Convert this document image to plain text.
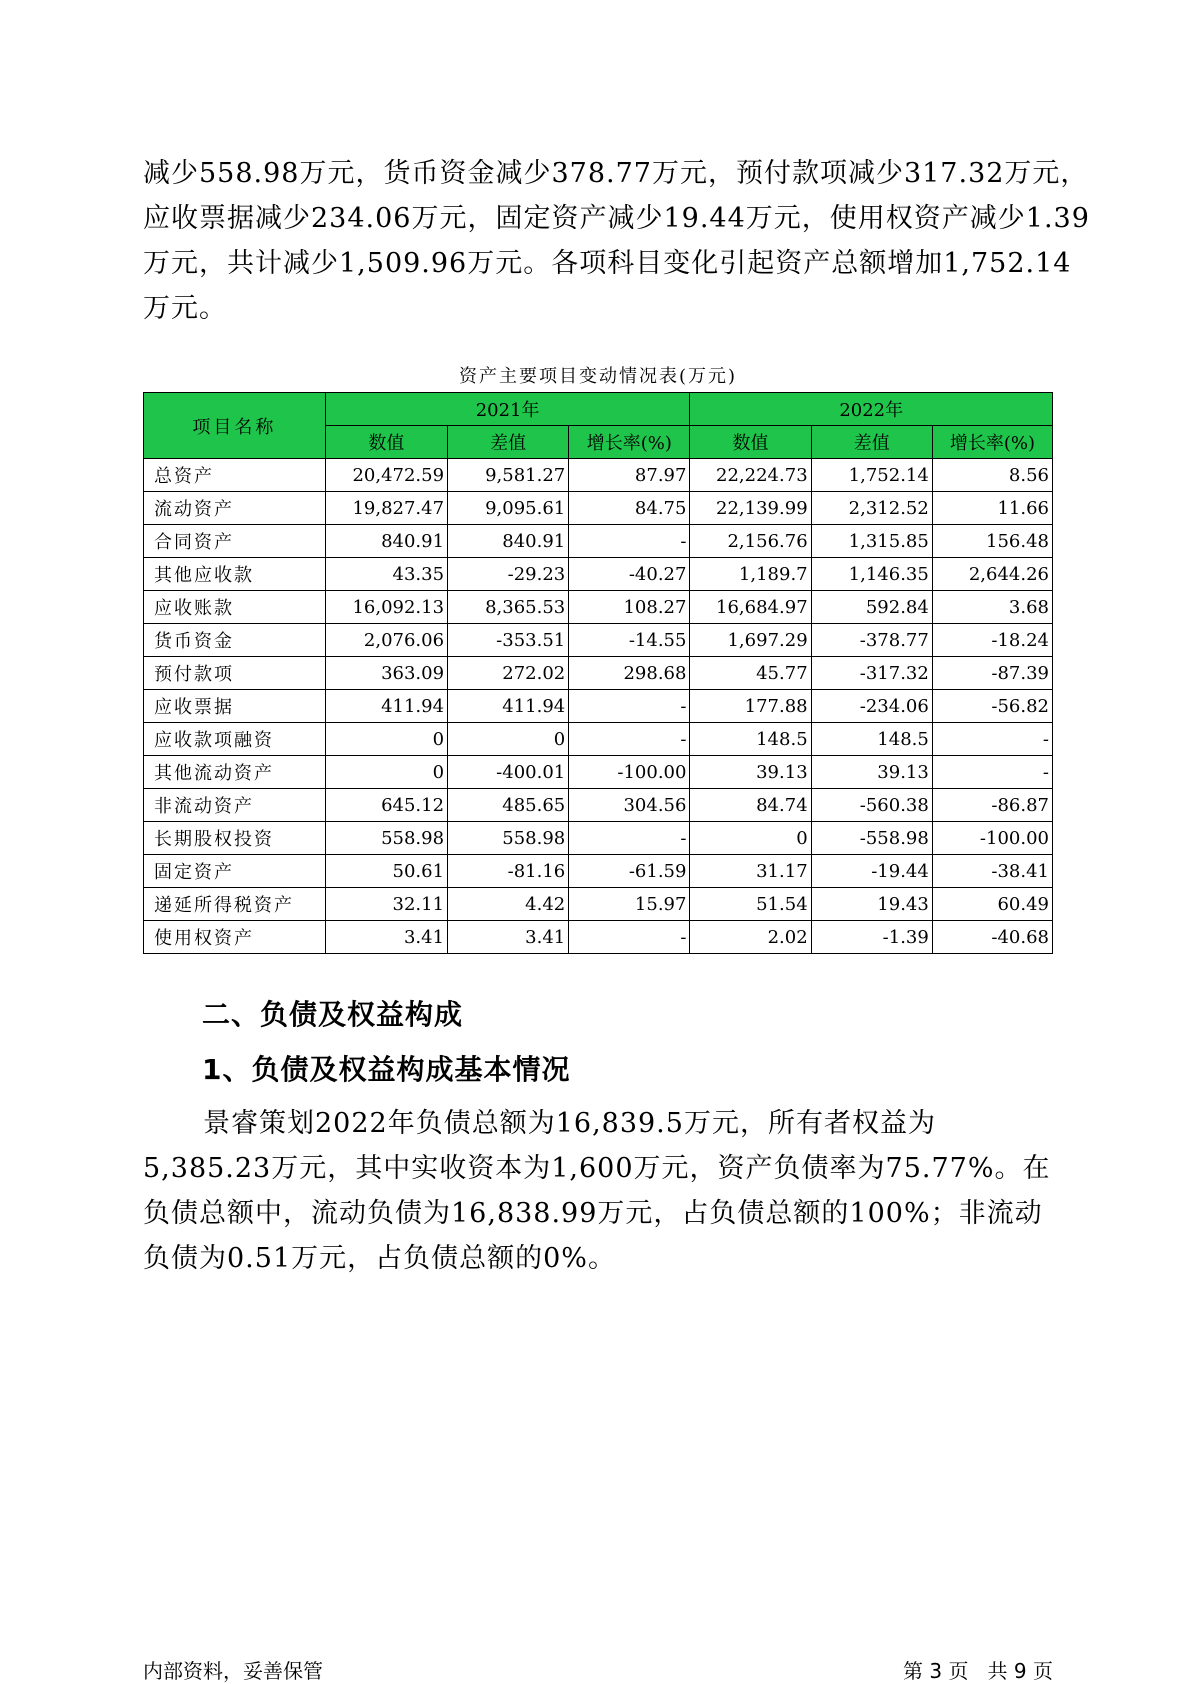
减少558.98万元，货币资金减少378.77万元，预付款项减少317.32万元，
应收票据减少234.06万元，固定资产减少19.44万元，使用权资产减少1.39
万元，共计减少1,509.96万元。各项科目变化引起资产总额增加1,752.14
万元。
资产主要项目变动情况表(万元)
项目名称	2021年			2022年		
	数值	差值	增长率(%)	数值	差值	增长率(%)
总资产	20,472.59	9,581.27	87.97	22,224.73	1,752.14	8.56
流动资产	19,827.47	9,095.61	84.75	22,139.99	2,312.52	11.66
合同资产	840.91	840.91	-	2,156.76	1,315.85	156.48
其他应收款	43.35	-29.23	-40.27	1,189.7	1,146.35	2,644.26
应收账款	16,092.13	8,365.53	108.27	16,684.97	592.84	3.68
货币资金	2,076.06	-353.51	-14.55	1,697.29	-378.77	-18.24
预付款项	363.09	272.02	298.68	45.77	-317.32	-87.39
应收票据	411.94	411.94	-	177.88	-234.06	-56.82
应收款项融资	0	0	-	148.5	148.5	-
其他流动资产	0	-400.01	-100.00	39.13	39.13	-
非流动资产	645.12	485.65	304.56	84.74	-560.38	-86.87
长期股权投资	558.98	558.98	-	0	-558.98	-100.00
固定资产	50.61	-81.16	-61.59	31.17	-19.44	-38.41
递延所得税资产	32.11	4.42	15.97	51.54	19.43	60.49
使用权资产	3.41	3.41	-	2.02	-1.39	-40.68
二、负债及权益构成
1、负债及权益构成基本情况

景睿策划2022年负债总额为16,839.5万元，所有者权益为5,385.23万元，其中实收资本为1,600万元，资产负债率为75.77%。在负债总额中，流动负债为16,838.99万元，占负债总额的100%；非流动负债为0.51万元，占负债总额的0%。

内部资料，妥善保管	第 3 页   共 9 页
